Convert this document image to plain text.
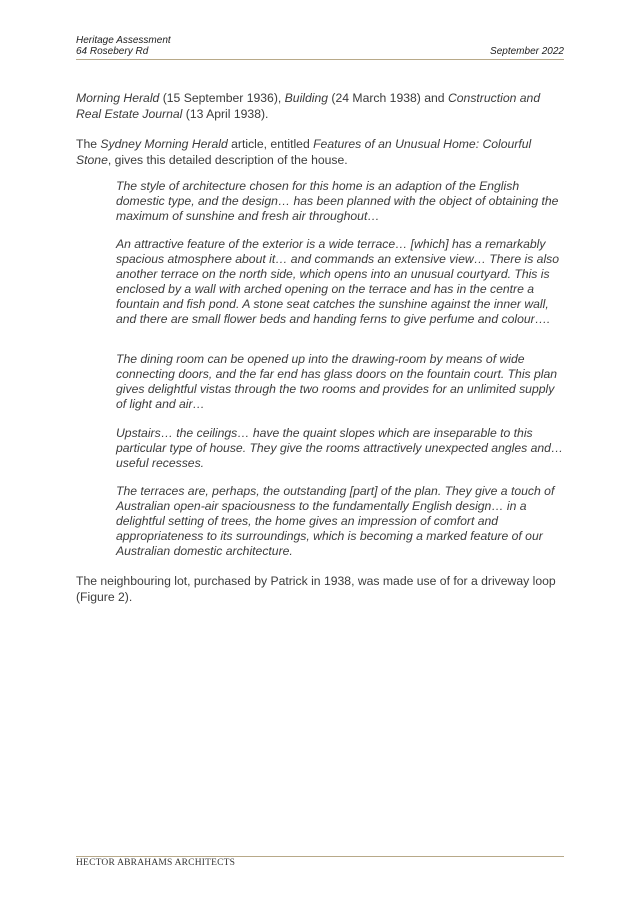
Heritage Assessment
64 Rosebery Rd	September 2022

Morning Herald (15 September 1936), Building (24 March 1938) and Construction and Real Estate Journal (13 April 1938).

The Sydney Morning Herald article, entitled Features of an Unusual Home: Colourful Stone, gives this detailed description of the house.

The style of architecture chosen for this home is an adaption of the English domestic type, and the design… has been planned with the object of obtaining the maximum of sunshine and fresh air throughout…

An attractive feature of the exterior is a wide terrace… [which] has a remarkably spacious atmosphere about it… and commands an extensive view… There is also another terrace on the north side, which opens into an unusual courtyard. This is enclosed by a wall with arched opening on the terrace and has in the centre a fountain and fish pond. A stone seat catches the sunshine against the inner wall, and there are small flower beds and handing ferns to give perfume and colour….

The dining room can be opened up into the drawing-room by means of wide connecting doors, and the far end has glass doors on the fountain court. This plan gives delightful vistas through the two rooms and provides for an unlimited supply of light and air…

Upstairs… the ceilings… have the quaint slopes which are inseparable to this particular type of house. They give the rooms attractively unexpected angles and… useful recesses.

The terraces are, perhaps, the outstanding [part] of the plan. They give a touch of Australian open-air spaciousness to the fundamentally English design… in a delightful setting of trees, the home gives an impression of comfort and appropriateness to its surroundings, which is becoming a marked feature of our Australian domestic architecture.

The neighbouring lot, purchased by Patrick in 1938, was made use of for a driveway loop (Figure 2).

HECTOR ABRAHAMS ARCHITECTS
